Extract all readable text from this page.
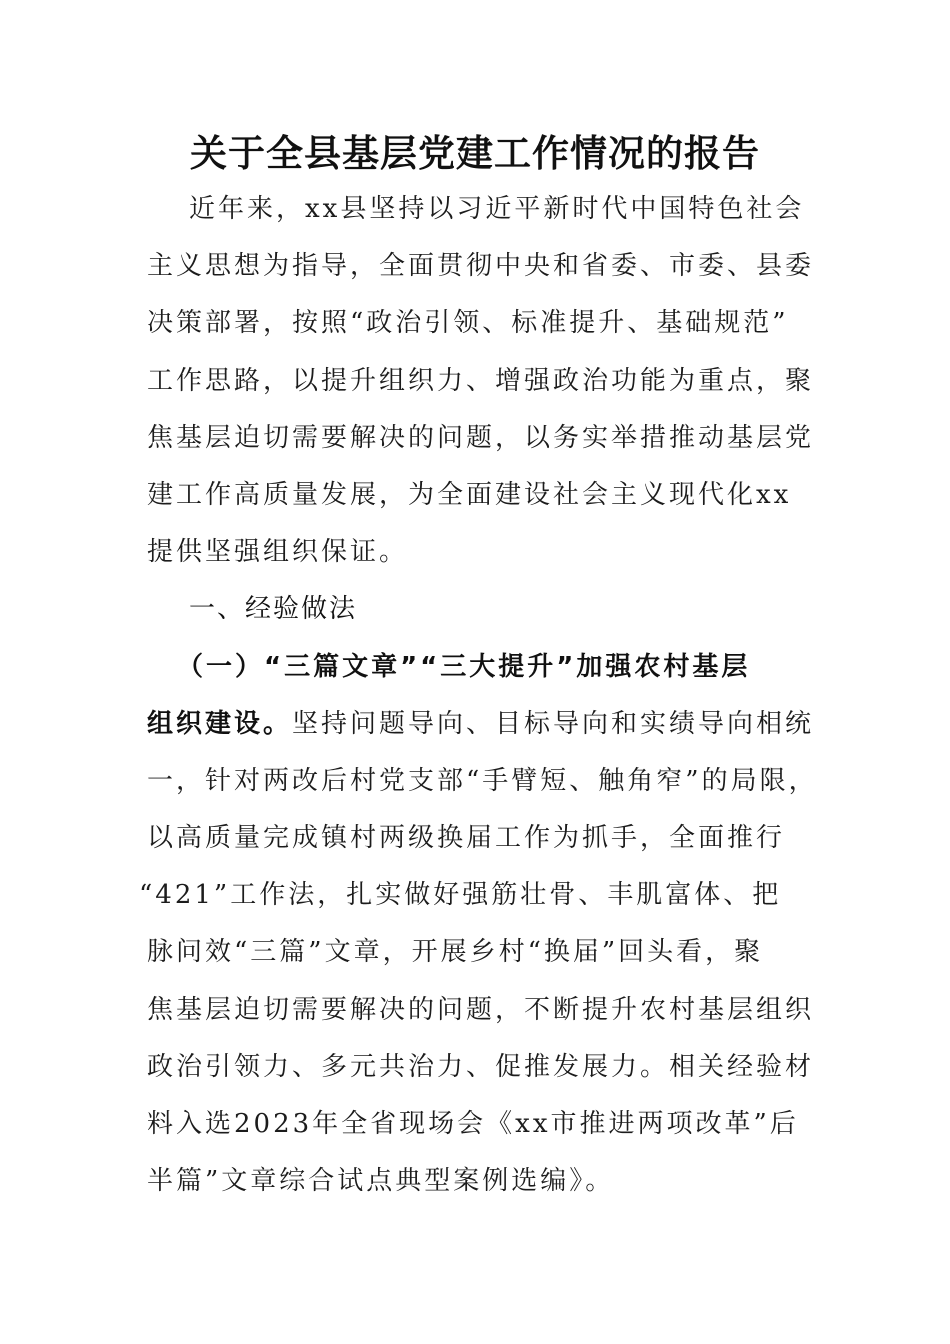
关于全县基层党建工作情况的报告
近年来，xx县坚持以习近平新时代中国特色社会
主义思想为指导，全面贯彻中央和省委、市委、县委
决策部署，按照“政治引领、标准提升、基础规范”
工作思路，以提升组织力、增强政治功能为重点，聚
焦基层迫切需要解决的问题，以务实举措推动基层党
建工作高质量发展，为全面建设社会主义现代化xx
提供坚强组织保证。
一、经验做法
（一）“三篇文章”“三大提升”加强农村基层
组织建设。坚持问题导向、目标导向和实绩导向相统
一，针对两改后村党支部“手臂短、触角窄”的局限，
以高质量完成镇村两级换届工作为抓手，全面推行
“421”工作法，扎实做好强筋壮骨、丰肌富体、把
脉问效“三篇”文章，开展乡村“换届”回头看，聚
焦基层迫切需要解决的问题，不断提升农村基层组织
政治引领力、多元共治力、促推发展力。相关经验材
料入选2023年全省现场会《xx市推进两项改革”后
半篇”文章综合试点典型案例选编》。
